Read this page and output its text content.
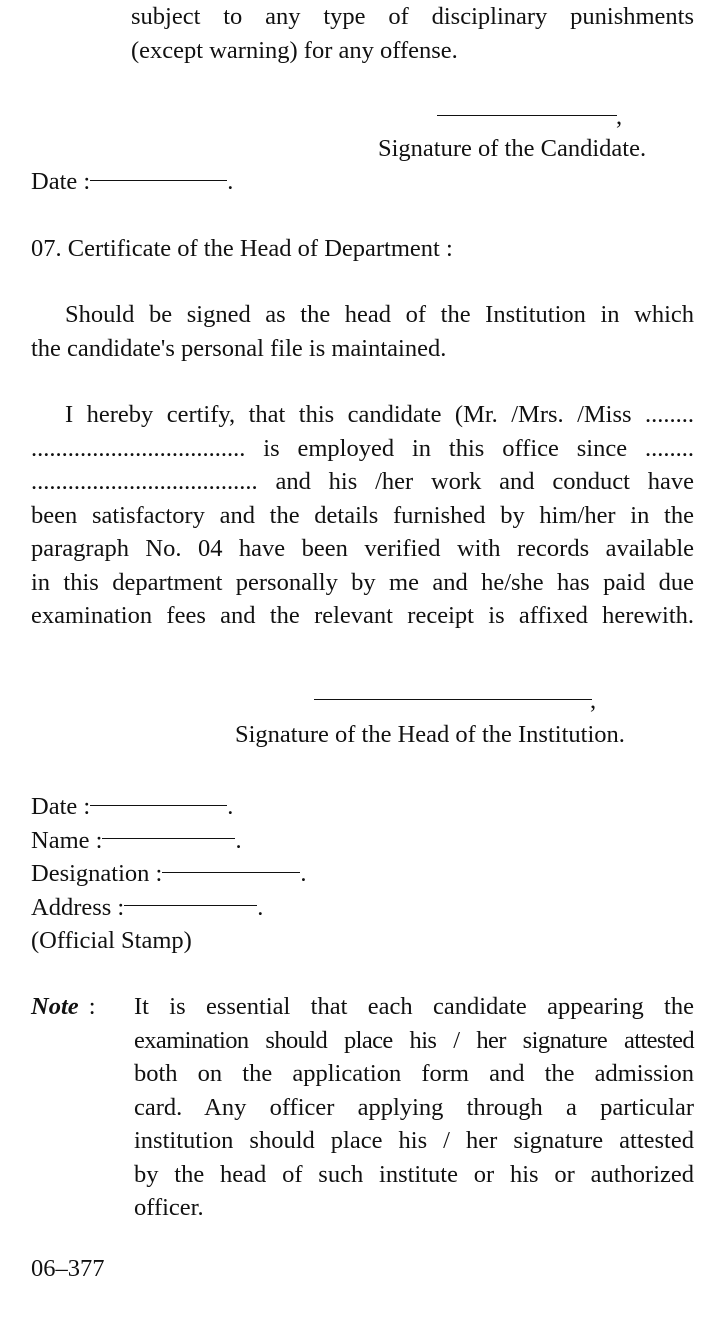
subject to any type of disciplinary punishments
(except warning) for any offense.
,
Signature of the Candidate.
Date :	.
07. Certificate of the Head of Department :
Should be signed as the head of the Institution in which
the candidate's personal file is maintained.
I hereby certify, that this candidate (Mr. /Mrs. /Miss ........
................................... is employed in this office since ........
..................................... and his /her work and conduct have
been satisfactory and the details furnished by him/her in the
paragraph No. 04 have been verified with records available
in this department personally by me and he/she has paid due
examination fees and the relevant receipt is affixed herewith.
,
Signature of the Head of the Institution.
Date :	.
Name :	.
Designation :	.
Address :	.
(Official Stamp)
Note : It is essential that each candidate appearing the
examination should place his / her signature attested
both on the application form and the admission
card. Any officer applying through a particular
institution should place his / her signature attested
by the head of such institute or his or authorized
officer.
06–377
